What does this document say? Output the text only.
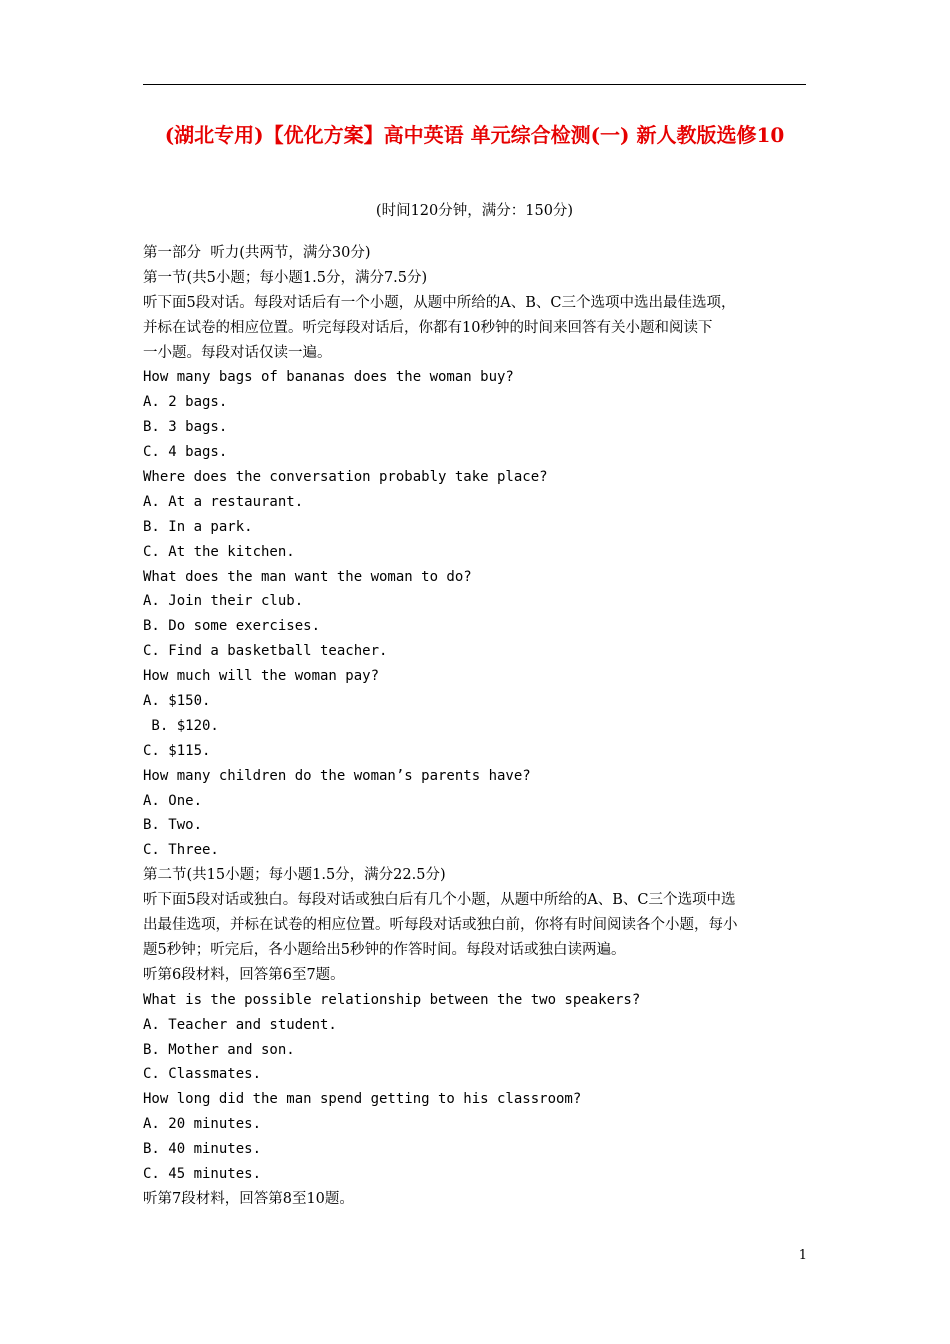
(湖北专用)【优化方案】高中英语 单元综合检测(一) 新人教版选修10
(时间120分钟，满分：150分)
第一部分  听力(共两节，满分30分)
第一节(共5小题；每小题1.5分，满分7.5分)
听下面5段对话。每段对话后有一个小题，从题中所给的A、B、C三个选项中选出最佳选项，
并标在试卷的相应位置。听完每段对话后，你都有10秒钟的时间来回答有关小题和阅读下
一小题。每段对话仅读一遍。
How many bags of bananas does the woman buy?
A. 2 bags.
B. 3 bags.
C. 4 bags.
Where does the conversation probably take place?
A. At a restaurant.
B. In a park.
C. At the kitchen.
What does the man want the woman to do?
A. Join their club.
B. Do some exercises.
C. Find a basketball teacher.
How much will the woman pay?
A. $150.
B. $120.
C. $115.
How many children do the woman’s parents have?
A. One.
B. Two.
C. Three.
第二节(共15小题；每小题1.5分，满分22.5分)
听下面5段对话或独白。每段对话或独白后有几个小题，从题中所给的A、B、C三个选项中选
出最佳选项，并标在试卷的相应位置。听每段对话或独白前，你将有时间阅读各个小题，每小
题5秒钟；听完后，各小题给出5秒钟的作答时间。每段对话或独白读两遍。
听第6段材料，回答第6至7题。
What is the possible relationship between the two speakers?
A. Teacher and student.
B. Mother and son.
C. Classmates.
How long did the man spend getting to his classroom?
A. 20 minutes.
B. 40 minutes.
C. 45 minutes.
听第7段材料，回答第8至10题。
1
